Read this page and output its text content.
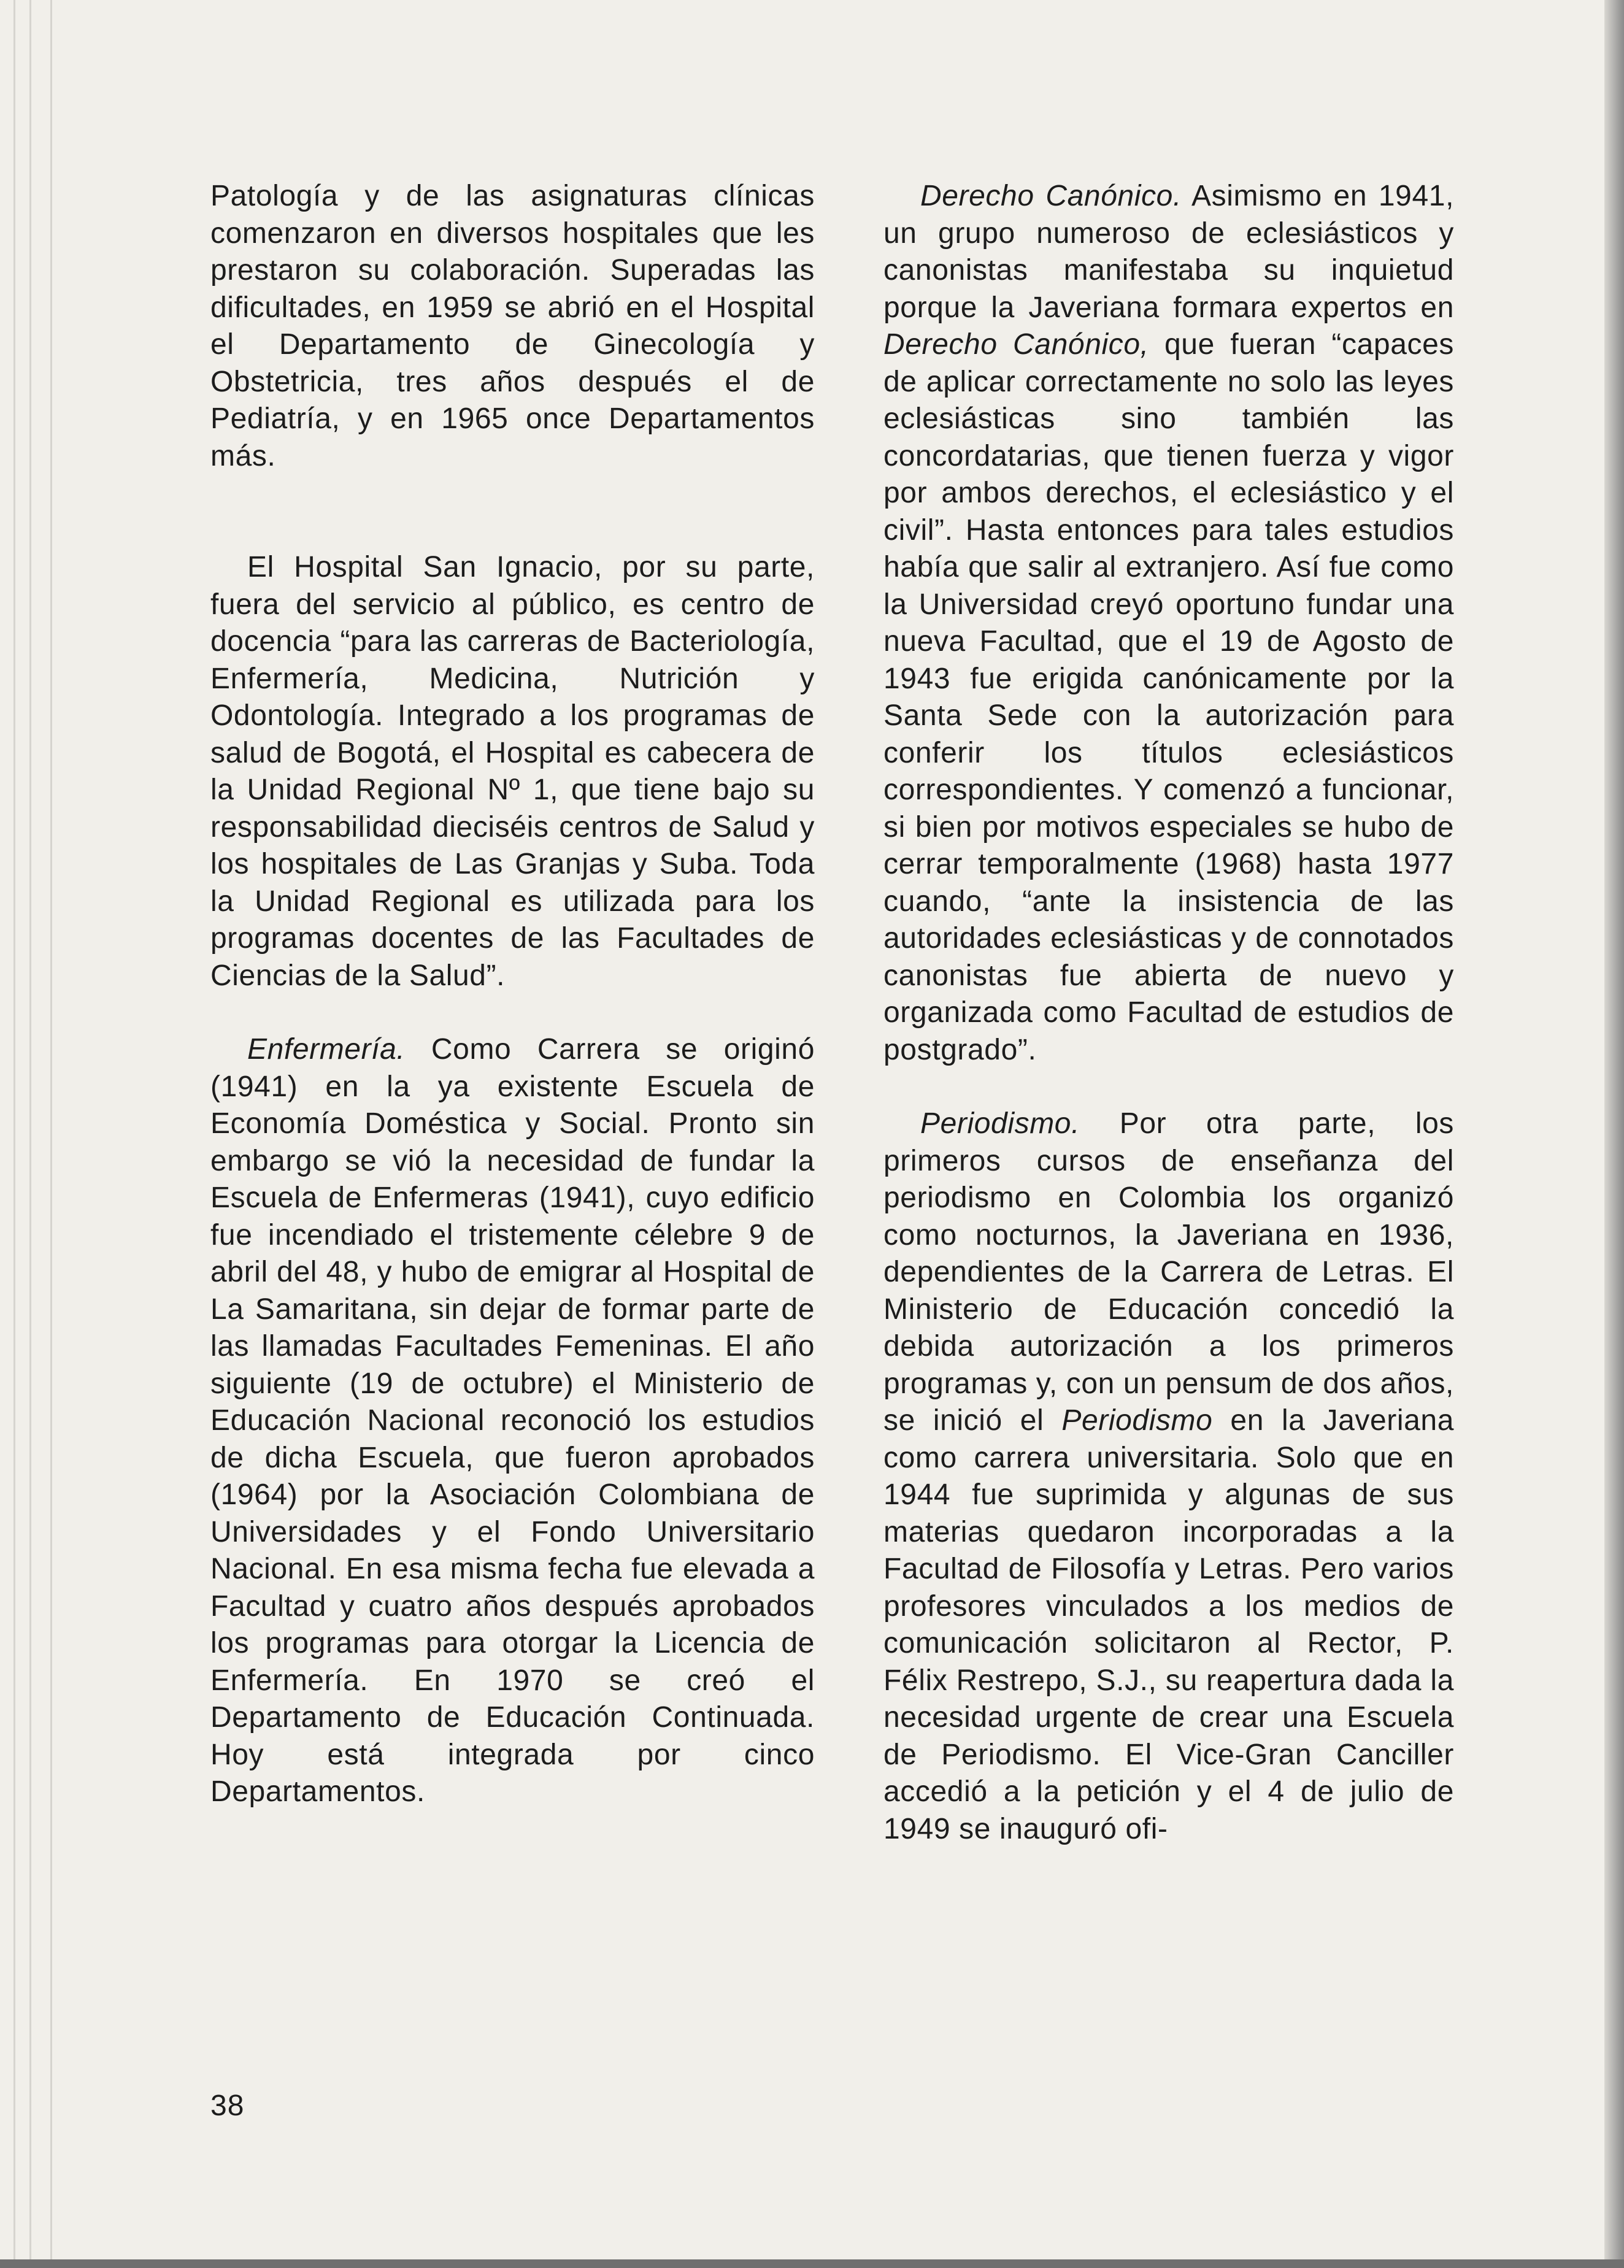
Patología y de las asignaturas clínicas comenzaron en diversos hospitales que les prestaron su colaboración. Superadas las dificultades, en 1959 se abrió en el Hospital el Departamento de Ginecología y Obstetricia, tres años después el de Pediatría, y en 1965 once Departamentos más.

El Hospital San Ignacio, por su parte, fuera del servicio al público, es centro de docencia “para las carreras de Bacteriología, Enfermería, Medicina, Nutrición y Odontología. Integrado a los programas de salud de Bogotá, el Hospital es cabecera de la Unidad Regional Nº 1, que tiene bajo su responsabilidad dieciséis centros de Salud y los hospitales de Las Granjas y Suba. Toda la Unidad Regional es utilizada para los programas docentes de las Facultades de Ciencias de la Salud”.

Enfermería. Como Carrera se originó (1941) en la ya existente Escuela de Economía Doméstica y Social. Pronto sin embargo se vió la necesidad de fundar la Escuela de Enfermeras (1941), cuyo edificio fue incendiado el tristemente célebre 9 de abril del 48, y hubo de emigrar al Hospital de La Samaritana, sin dejar de formar parte de las llamadas Facultades Femeninas. El año siguiente (19 de octubre) el Ministerio de Educación Nacional reconoció los estudios de dicha Escuela, que fueron aprobados (1964) por la Asociación Colombiana de Universidades y el Fondo Universitario Nacional. En esa misma fecha fue elevada a Facultad y cuatro años después aprobados los programas para otorgar la Licencia de Enfermería. En 1970 se creó el Departamento de Educación Continuada. Hoy está integrada por cinco Departamentos.

Derecho Canónico. Asimismo en 1941, un grupo numeroso de eclesiásticos y canonistas manifestaba su inquietud porque la Javeriana formara expertos en Derecho Canónico, que fueran “capaces de aplicar correctamente no solo las leyes eclesiásticas sino también las concordatarias, que tienen fuerza y vigor por ambos derechos, el eclesiástico y el civil”. Hasta entonces para tales estudios había que salir al extranjero. Así fue como la Universidad creyó oportuno fundar una nueva Facultad, que el 19 de Agosto de 1943 fue erigida canónicamente por la Santa Sede con la autorización para conferir los títulos eclesiásticos correspondientes. Y comenzó a funcionar, si bien por motivos especiales se hubo de cerrar temporalmente (1968) hasta 1977 cuando, “ante la insistencia de las autoridades eclesiásticas y de connotados canonistas fue abierta de nuevo y organizada como Facultad de estudios de postgrado”.

Periodismo. Por otra parte, los primeros cursos de enseñanza del periodismo en Colombia los organizó como nocturnos, la Javeriana en 1936, dependientes de la Carrera de Letras. El Ministerio de Educación concedió la debida autorización a los primeros programas y, con un pensum de dos años, se inició el Periodismo en la Javeriana como carrera universitaria. Solo que en 1944 fue suprimida y algunas de sus materias quedaron incorporadas a la Facultad de Filosofía y Letras. Pero varios profesores vinculados a los medios de comunicación solicitaron al Rector, P. Félix Restrepo, S.J., su reapertura dada la necesidad urgente de crear una Escuela de Periodismo. El Vice-Gran Canciller accedió a la petición y el 4 de julio de 1949 se inauguró ofi-

38
